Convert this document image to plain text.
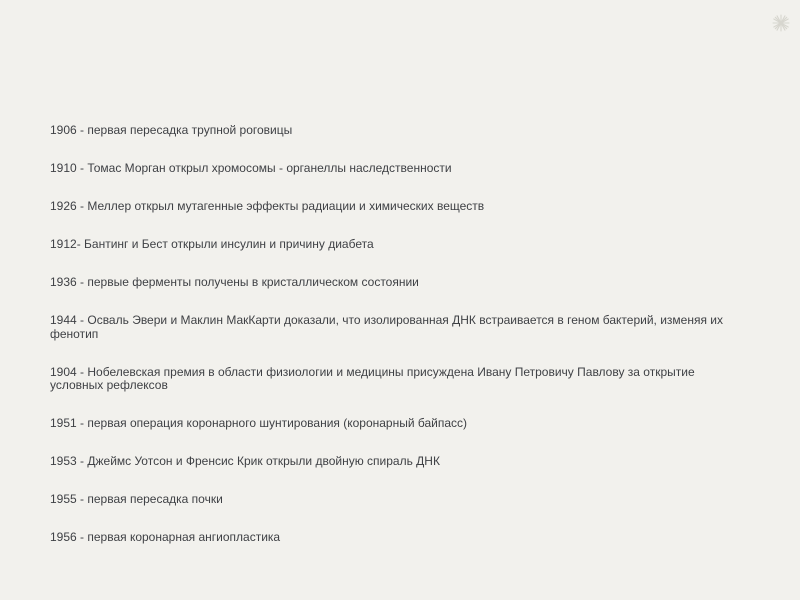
1906 - первая пересадка трупной роговицы
1910 - Томас Морган открыл хромосомы - органеллы наследственности
1926 - Меллер открыл мутагенные эффекты радиации и химических веществ
1912- Бантинг и Бест открыли инсулин и причину диабета
1936 - первые ферменты получены в кристаллическом состоянии
1944 - Осваль Эвери и Маклин МакКарти доказали, что изолированная ДНК встраивается в геном бактерий, изменяя их фенотип
1904 - Нобелевская премия в области физиологии и медицины присуждена Ивану Петровичу Павлову за открытие условных рефлексов
1951 - первая операция коронарного шунтирования (коронарный байпасс)
1953 - Джеймс Уотсон и Френсис Крик открыли двойную спираль ДНК
1955 - первая пересадка почки
1956 - первая коронарная ангиопластика
